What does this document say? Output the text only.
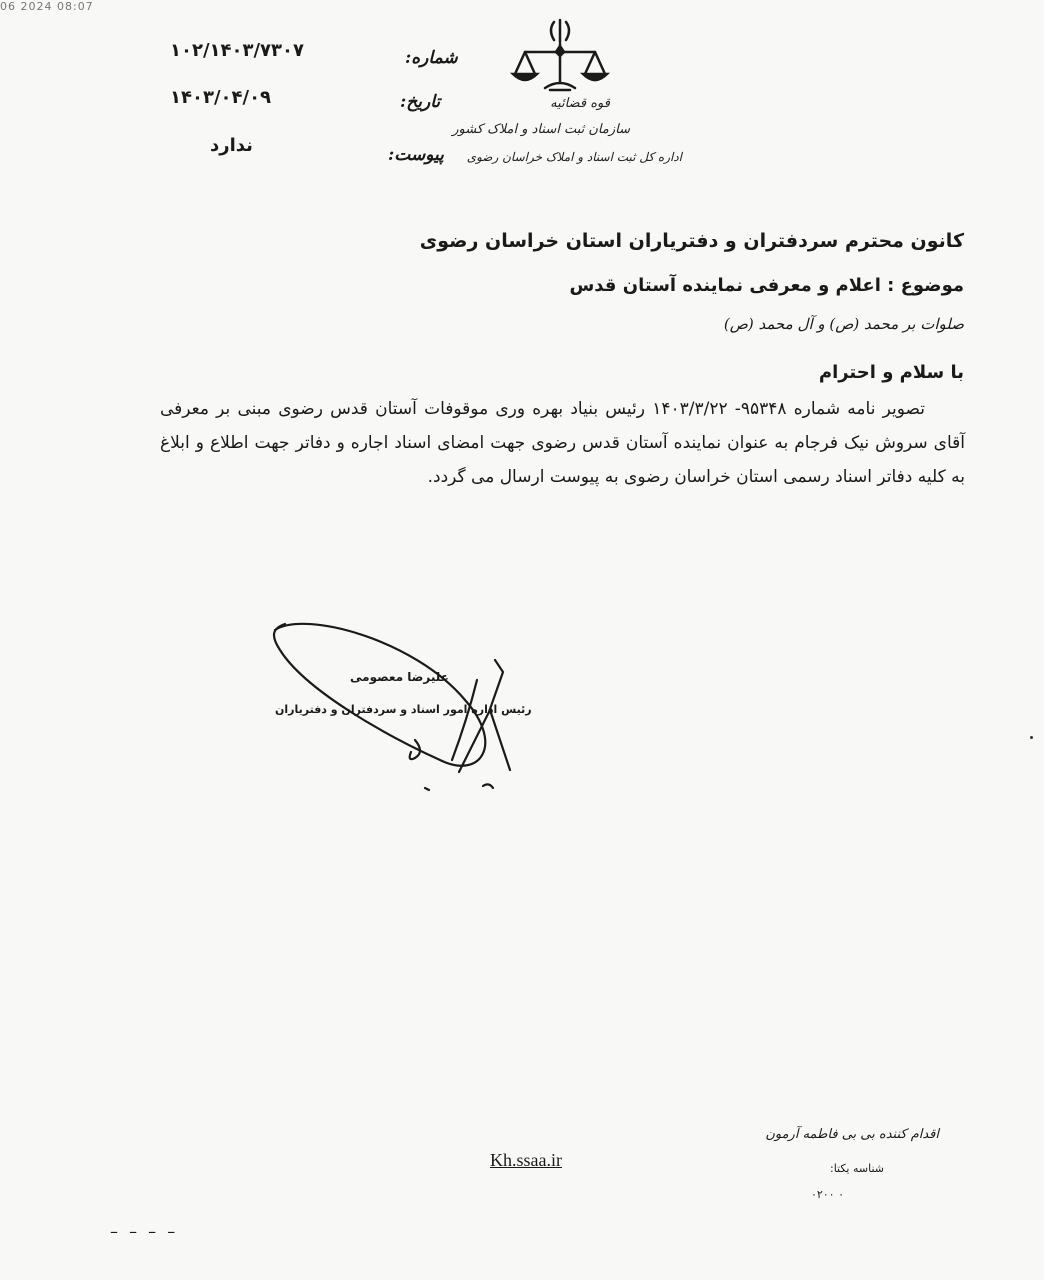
06 2024 08:07
قوه قضائیه
سازمان ثبت اسناد و املاک کشور
اداره کل ثبت اسناد و املاک خراسان رضوی
شماره:
تاریخ:
پیوست:
۱۰۲/۱۴۰۳/۷۳۰۷
۱۴۰۳/۰۴/۰۹
ندارد
کانون محترم سردفتران و دفتریاران استان خراسان رضوی
موضوع : اعلام و معرفی نماینده آستان قدس
صلوات بر محمد (ص) و آل محمد (ص)
با سلام و احترام
تصویر نامه شماره ۹۵۳۴۸- ۱۴۰۳/۳/۲۲ رئیس بنیاد بهره وری موقوفات آستان قدس رضوی مبنی بر معرفی آقای سروش نیک فرجام به عنوان نماینده آستان قدس رضوی جهت امضای اسناد اجاره و دفاتر جهت اطلاع و ابلاغ به کلیه دفاتر اسناد رسمی استان خراسان رضوی به پیوست ارسال می گردد.
علیرضا معصومی
رئیس اداره امور اسناد و سردفتران و دفتریاران
اقدام کننده بی بی فاطمه آرمون
شناسه یکتا:
۰۲۰۰ ۰
Kh.ssaa.ir
– – – –
